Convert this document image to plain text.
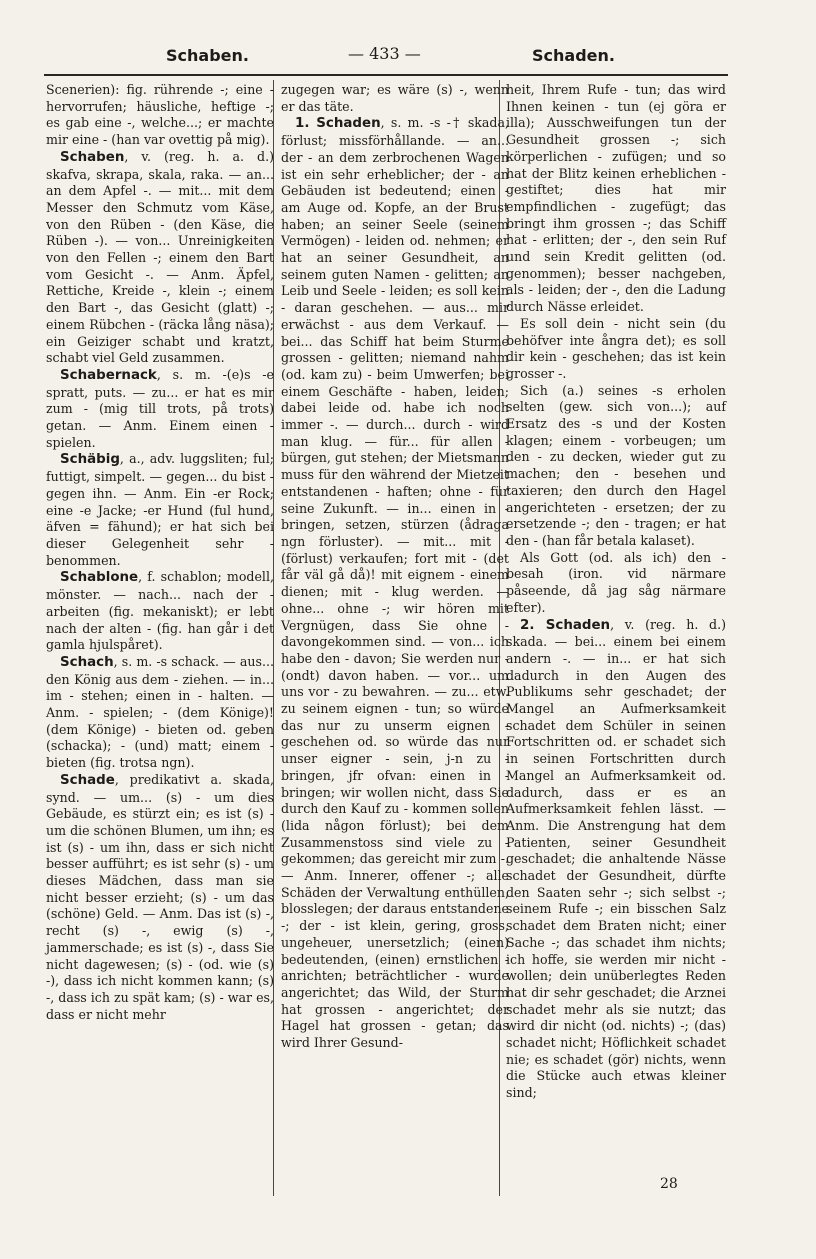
Schaben.	— 433 —	Schaden.

Scenerien): fig. rührende -; eine - hervorrufen; häusliche, heftige -; es gab eine -, welche...; er machte mir eine - (han var ovettig på mig).

Schaben, v. (reg. h. a. d.) skafva, skrapa, skala, raka. — an... an dem Apfel -. — mit... mit dem Messer den Schmutz vom Käse, von den Rüben - (den Käse, die Rüben -). — von... Unreinigkeiten von den Fellen -; einem den Bart vom Gesicht -. — Anm. Äpfel, Rettiche, Kreide -, klein -; einem den Bart -, das Gesicht (glatt) -; einem Rübchen - (räcka lång näsa); ein Geiziger schabt und kratzt, schabt viel Geld zusammen.

Schabernack, s. m. -(e)s -e spratt, puts. — zu... er hat es mir zum - (mig till trots, på trots) getan. — Anm. Einem einen - spielen.

Schäbig, a., adv. luggsliten; ful; futtigt, simpelt. — gegen... du bist - gegen ihn. — Anm. Ein -er Rock; eine -e Jacke; -er Hund (ful hund, äfven = fähund); er hat sich bei dieser Gelegenheit sehr - benommen.

Schablone, f. schablon; modell, mönster. — nach... nach der - arbeiten (fig. mekaniskt); er lebt nach der alten - (fig. han går i det gamla hjulspåret).

Schach, s. m. -s schack. — aus... den König aus dem - ziehen. — in... im - stehen; einen in - halten. — Anm. - spielen; - (dem Könige)! (dem Könige) - bieten od. geben (schacka); - (und) matt; einem - bieten (fig. trotsa ngn).

Schade, predikativt a. skada, synd. — um... (s) - um dies Gebäude, es stürzt ein; es ist (s) - um die schönen Blumen, um ihn; es ist (s) - um ihn, dass er sich nicht besser aufführt; es ist sehr (s) - um dieses Mädchen, dass man sie nicht besser erzieht; (s) - um das (schöne) Geld. — Anm. Das ist (s) -, recht (s) -, ewig (s) -, jammerschade; es ist (s) -, dass Sie nicht dagewesen; (s) - (od. wie (s) -), dass ich nicht kommen kann; (s) -, dass ich zu spät kam; (s) - war es, dass er nicht mehr

zugegen war; es wäre (s) -, wenn er das täte.

1. Schaden, s. m. -s -† skada, förlust; missförhållande. — an... der - an dem zerbrochenen Wagen ist ein sehr erheblicher; der - an Gebäuden ist bedeutend; einen - am Auge od. Kopfe, an der Brust haben; an seiner Seele (seinem Vermögen) - leiden od. nehmen; er hat an seiner Gesundheit, an seinem guten Namen - gelitten; an Leib und Seele - leiden; es soll kein - daran geschehen. — aus... mir erwächst - aus dem Verkauf. — bei... das Schiff hat beim Sturme grossen - gelitten; niemand nahm (od. kam zu) - beim Umwerfen; bei einem Geschäfte - haben, leiden; dabei leide od. habe ich noch immer -. — durch... durch - wird man klug. — für... für allen - bürgen, gut stehen; der Mietsmann muss für den während der Mietzeit entstandenen - haften; ohne - für seine Zukunft. — in... einen in - bringen, setzen, stürzen (ådraga ngn förluster). — mit... mit - (förlust) verkaufen; fort mit - (det får väl gå då)! mit eignem - einem dienen; mit - klug werden. — ohne... ohne -; wir hören mit Vergnügen, dass Sie ohne - davongekommen sind. — von... ich habe den - davon; Sie werden nur - (ondt) davon haben. — vor... um uns vor - zu bewahren. — zu... etw. zu seinem eignen - tun; so würde das nur zu unserm eignen - geschehen od. so würde das nur unser eigner - sein, j-n zu - bringen, jfr ofvan: einen in - bringen; wir wollen nicht, dass Sie durch den Kauf zu - kommen sollen (lida någon förlust); bei dem Zusammenstoss sind viele zu - gekommen; das gereicht mir zum -. — Anm. Innerer, offener -; alle Schäden der Verwaltung enthüllen, blosslegen; der daraus entstandene -; der - ist klein, gering, gross, ungeheuer, unersetzlich; (einen) bedeutenden, (einen) ernstlichen - anrichten; beträchtlicher - wurde angerichtet; das Wild, der Sturm hat grossen - angerichtet; der Hagel hat grossen - getan; das wird Ihrer Gesund-

heit, Ihrem Rufe - tun; das wird Ihnen keinen - tun (ej göra er illa); Ausschweifungen tun der Gesundheit grossen -; sich körperlichen - zufügen; und so hat der Blitz keinen erheblichen - gestiftet; dies hat mir empfindlichen - zugefügt; das bringt ihm grossen -; das Schiff hat - erlitten; der -, den sein Ruf und sein Kredit gelitten (od. genommen); besser nachgeben, als - leiden; der -, den die Ladung durch Nässe erleidet.

Es soll dein - nicht sein (du behöfver inte ångra det); es soll dir kein - geschehen; das ist kein grosser -.

Sich (a.) seines -s erholen selten (gew. sich von...); auf Ersatz des -s und der Kosten klagen; einem - vorbeugen; um den - zu decken, wieder gut zu machen; den - besehen und taxieren; den durch den Hagel angerichteten - ersetzen; der zu ersetzende -; den - tragen; er hat den - (han får betala kalaset).

Als Gott (od. als ich) den - besah (iron. vid närmare påseende, då jag såg närmare efter).

2. Schaden, v. (reg. h. d.) skada. — bei... einem bei einem andern -. — in... er hat sich dadurch in den Augen des Publikums sehr geschadet; der Mangel an Aufmerksamkeit schadet dem Schüler in seinen Fortschritten od. er schadet sich in seinen Fortschritten durch Mangel an Aufmerksamkeit od. dadurch, dass er es an Aufmerksamkeit fehlen lässt. — Anm. Die Anstrengung hat dem Patienten, seiner Gesundheit geschadet; die anhaltende Nässe schadet der Gesundheit, dürfte den Saaten sehr -; sich selbst -; seinem Rufe -; ein bisschen Salz schadet dem Braten nicht; einer Sache -; das schadet ihm nichts; ich hoffe, sie werden mir nicht - wollen; dein unüberlegtes Reden hat dir sehr geschadet; die Arznei schadet mehr als sie nutzt; das wird dir nicht (od. nichts) -; (das) schadet nicht; Höflichkeit schadet nie; es schadet (gör) nichts, wenn die Stücke auch etwas kleiner sind;

28
